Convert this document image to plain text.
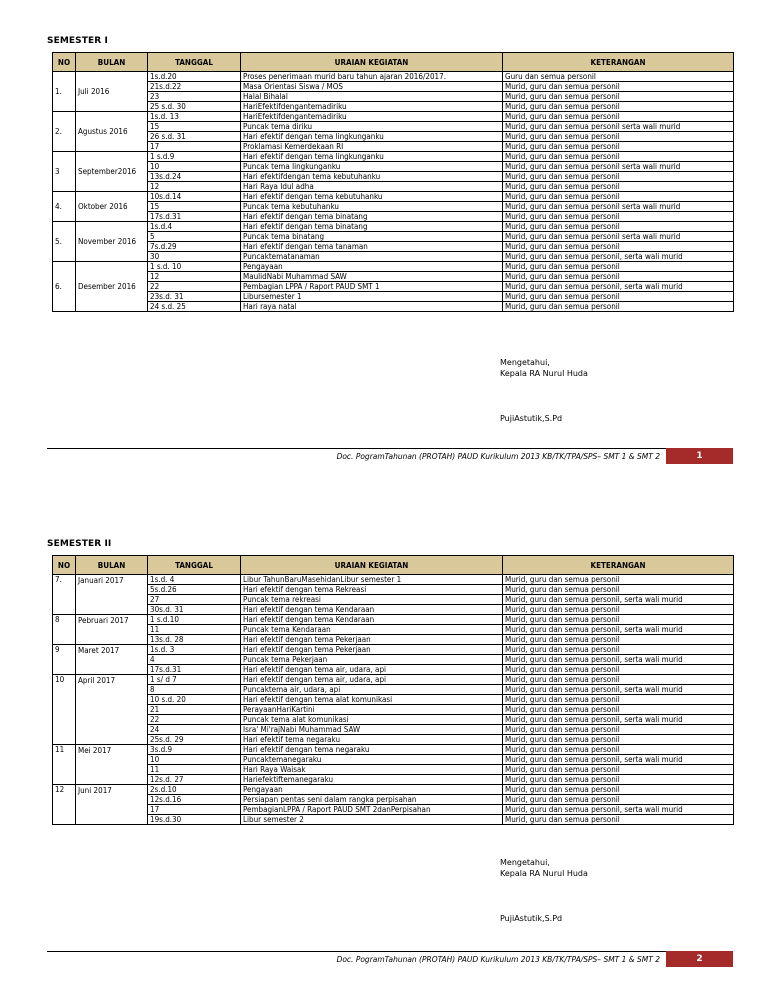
SEMESTER I
NO	BULAN	TANGGAL	URAIAN KEGIATAN	KETERANGAN
1.	Juli 2016	1s.d.20	Proses penerimaan murid baru tahun ajaran 2016/2017.	Guru dan semua personil
		21s.d.22	Masa Orientasi Siswa / MOS	Murid, guru dan semua personil
		23	Halal Bihalal	Murid, guru dan semua personil
		25 s.d. 30	HariEfektifdengantemadiriku	Murid, guru dan semua personil
2.	Agustus 2016	1s.d. 13	HariEfektifdengantemadiriku	Murid, guru dan semua personil
		15	Puncak tema diriku	Murid, guru dan semua personil serta wali murid
		26 s.d. 31	Hari efektif dengan tema lingkunganku	Murid, guru dan semua personil
		17	Proklamasi Kemerdekaan RI	Murid, guru dan semua personil
3	September2016	1 s.d.9	Hari efektif dengan tema lingkunganku	Murid, guru dan semua personil
		10	Puncak tema lingkunganku	Murid, guru dan semua personil serta wali murid
		13s.d.24	Hari efektifdengan tema kebutuhanku	Murid, guru dan semua personil
		12	Hari Raya Idul adha	Murid, guru dan semua personil
4.	Oktober 2016	10s.d.14	Hari efektif dengan tema kebutuhanku	Murid, guru dan semua personil
		15	Puncak tema kebutuhanku	Murid, guru dan semua personil serta wali murid
		17s.d.31	Hari efektif dengan tema binatang	Murid, guru dan semua personil
5.	November 2016	1s.d.4	Hari efektif dengan tema binatang	Murid, guru dan semua personil
		5	Puncak tema binatang	Murid, guru dan semua personil serta wali murid
		7s.d.29	Hari efektif dengan tema tanaman	Murid, guru dan semua personil
		30	Puncaktematanaman	Murid, guru dan semua personil, serta wali murid
6.	Desember 2016	1 s.d. 10	Pengayaan	Murid, guru dan semua personil
		12	MaulidNabi Muhammad SAW	Murid, guru dan semua personil
		22	Pembagian LPPA / Raport PAUD SMT 1	Murid, guru dan semua personil, serta wali murid
		23s.d. 31	Libursemester 1	Murid, guru dan semua personil
		24 s.d. 25	Hari raya natal	Murid, guru dan semua personil
Mengetahui,
Kepala RA Nurul Huda
PujiAstutik,S.Pd
Doc. PogramTahunan (PROTAH) PAUD Kurikulum 2013 KB/TK/TPA/SPS– SMT 1 & SMT 2	1
SEMESTER II
NO	BULAN	TANGGAL	URAIAN KEGIATAN	KETERANGAN
7.	Januari 2017	1s.d. 4	Libur TahunBaruMasehidanLibur semester 1	Murid, guru dan semua personil
		5s.d.26	Hari efektif dengan tema Rekreasi	Murid, guru dan semua personil
		27	Puncak tema rekreasi	Murid, guru dan semua personil, serta wali murid
		30s.d. 31	Hari efektif dengan tema Kendaraan	Murid, guru dan semua personil
8	Pebruari 2017	1 s.d.10	Hari efektif dengan tema Kendaraan	Murid, guru dan semua personil
		11	Puncak tema Kendaraan	Murid, guru dan semua personil, serta wali murid
		13s.d. 28	Hari efektif dengan tema Pekerjaan	Murid, guru dan semua personil
9	Maret 2017	1s.d. 3	Hari efektif dengan tema Pekerjaan	Murid, guru dan semua personil
		4	Puncak tema Pekerjaan	Murid, guru dan semua personil, serta wali murid
		17s.d.31	Hari efektif dengan tema air, udara, api	Murid, guru dan semua personil
10	April 2017	1 s/ d 7	Hari efektif dengan tema air, udara, api	Murid, guru dan semua personil
		8	Puncaktema air, udara, api	Murid, guru dan semua personil, serta wali murid
		10 s.d. 20	Hari efektif dengan tema alat komunikasi	Murid, guru dan semua personil
		21	PerayaanHariKartini	Murid, guru dan semua personil
		22	Puncak tema alat komunikasi	Murid, guru dan semua personil, serta wali murid
		24	Isra' Mi'rajNabi Muhammad SAW	Murid, guru dan semua personil
		25s.d. 29	Hari efektif tema negaraku	Murid, guru dan semua personil
11	Mei 2017	3s.d.9	Hari efektif dengan tema negaraku	Murid, guru dan semua personil
		10	Puncaktemanegaraku	Murid, guru dan semua personil, serta wali murid
		11	Hari Raya Waisak	Murid, guru dan semua personil
		12s.d. 27	Hariefektiftemanegaraku	Murid, guru dan semua personil
12	Juni 2017	2s.d.10	Pengayaan	Murid, guru dan semua personil
		12s.d.16	Persiapan pentas seni dalam rangka perpisahan	Murid, guru dan semua personil
		17	PembagianLPPA / Raport PAUD SMT 2danPerpisahan	Murid, guru dan semua personil, serta wali murid
		19s.d.30	Libur semester 2	Murid, guru dan semua personil
Mengetahui,
Kepala RA Nurul Huda
PujiAstutik,S.Pd
Doc. PogramTahunan (PROTAH) PAUD Kurikulum 2013 KB/TK/TPA/SPS– SMT 1 & SMT 2	2
